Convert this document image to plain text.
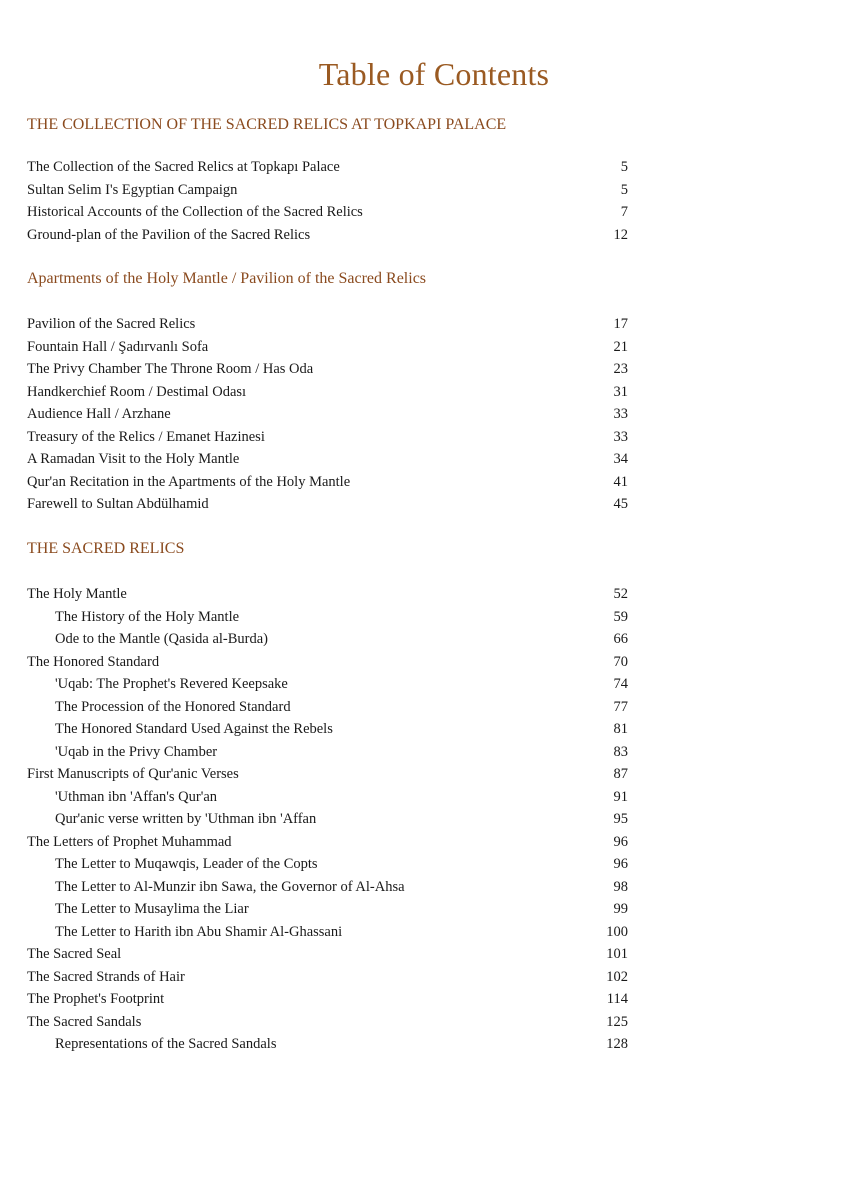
Table of Contents
THE COLLECTION OF THE SACRED RELICS AT TOPKAPI PALACE
The Collection of the Sacred Relics at Topkapı Palace	5
Sultan Selim I's Egyptian Campaign	5
Historical Accounts of the Collection of the Sacred Relics	7
Ground-plan of the Pavilion of the Sacred Relics	12
Apartments of the Holy Mantle / Pavilion of the Sacred Relics
Pavilion of the Sacred Relics	17
Fountain Hall / Şadırvanlı Sofa	21
The Privy Chamber The Throne Room / Has Oda	23
Handkerchief Room / Destimal Odası	31
Audience Hall / Arzhane	33
Treasury of the Relics / Emanet Hazinesi	33
A Ramadan Visit to the Holy Mantle	34
Qur'an Recitation in the Apartments of the Holy Mantle	41
Farewell to Sultan Abdülhamid	45
THE SACRED RELICS
The Holy Mantle	52
The History of the Holy Mantle	59
Ode to the Mantle (Qasida al-Burda)	66
The Honored Standard	70
'Uqab: The Prophet's Revered Keepsake	74
The Procession of the Honored Standard	77
The Honored Standard Used Against the Rebels	81
'Uqab in the Privy Chamber	83
First Manuscripts of Qur'anic Verses	87
'Uthman ibn 'Affan's Qur'an	91
Qur'anic verse written by 'Uthman ibn 'Affan	95
The Letters of Prophet Muhammad	96
The Letter to Muqawqis, Leader of the Copts	96
The Letter to Al-Munzir ibn Sawa, the Governor of Al-Ahsa	98
The Letter to Musaylima the Liar	99
The Letter to Harith ibn Abu Shamir Al-Ghassani	100
The Sacred Seal	101
The Sacred Strands of Hair	102
The Prophet's Footprint	114
The Sacred Sandals	125
Representations of the Sacred Sandals	128
